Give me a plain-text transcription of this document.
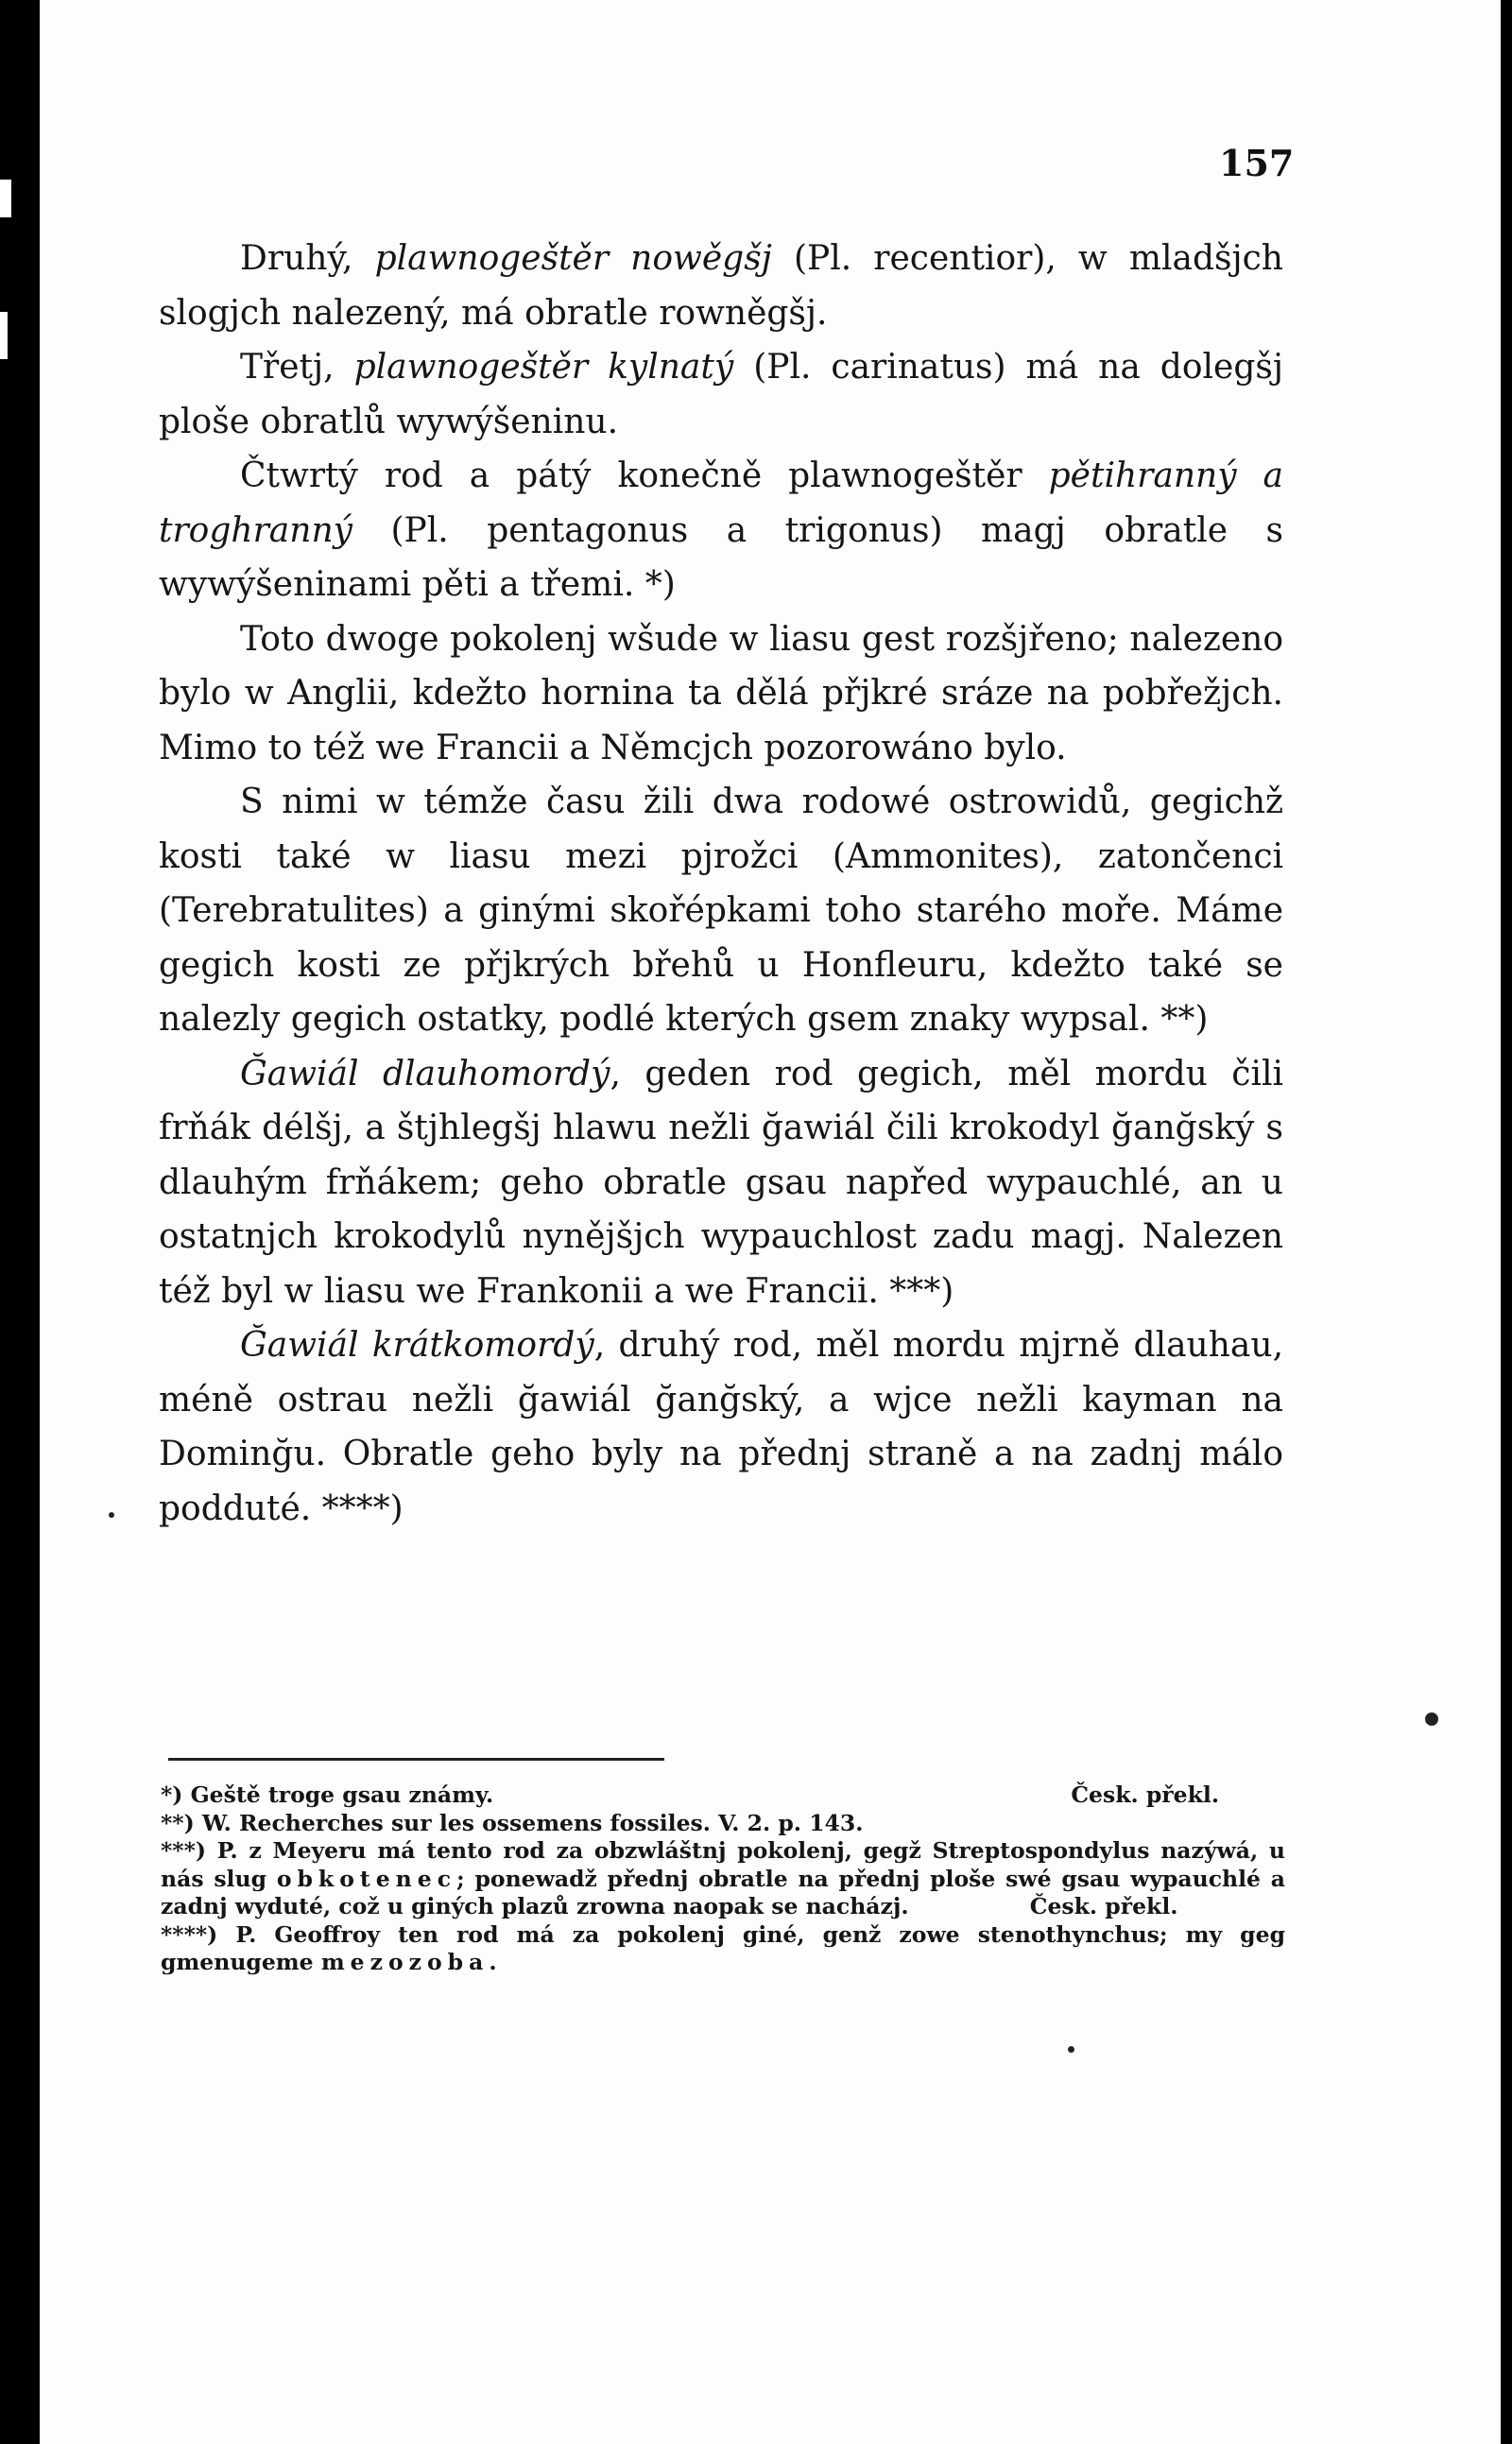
157

Druhý, plawnogeštěr nowěgšj (Pl. recentior), w mladšjch slogjch nalezený, má obratle rowněgšj.

Třetj, plawnogeštěr kylnatý (Pl. carinatus) má na dolegšj ploše obratlů wywýšeninu.

Čtwrtý rod a pátý konečně plawnogeštěr pětihranný a troghranný (Pl. pentagonus a trigonus) magj obratle s wywýšeninami pěti a třemi. *)

Toto dwoge pokolenj wšude w liasu gest rozšjřeno; nalezeno bylo w Anglii, kdežto hornina ta dělá přjkré sráze na pobřežjch. Mimo to též we Francii a Němcjch pozorowáno bylo.

S nimi w témže času žili dwa rodowé ostrowidů, gegichž kosti také w liasu mezi pjrožci (Ammonites), zatončenci (Terebratulites) a ginými skořépkami toho starého moře. Máme gegich kosti ze přjkrých břehů u Honfleuru, kdežto také se nalezly gegich ostatky, podlé kterých gsem znaky wypsal. **)

Ğawiál dlauhomordý, geden rod gegich, měl mordu čili frňák délšj, a štjhlegšj hlawu nežli ğawiál čili krokodyl ğanğský s dlauhým frňákem; geho obratle gsau napřed wypauchlé, an u ostatnjch krokodylů nynějšjch wypauchlost zadu magj. Nalezen též byl w liasu we Frankonii a we Francii. ***)

Ğawiál krátkomordý, druhý rod, měl mordu mjrně dlauhau, méně ostrau nežli ğawiál ğanğský, a wjce nežli kayman na Dominğu. Obratle geho byly na přednj straně a na zadnj málo podduté. ****)

*) Geště troge gsau známy.	Česk. překl.
**) W. Recherches sur les ossemens fossiles. V. 2. p. 143.
***) P. z Meyeru má tento rod za obzwláštnj pokolenj, gegž Streptospondylus nazýwá, u nás slug obkotenec; ponewadž přednj obratle na přednj ploše swé gsau wypauchlé a zadnj wyduté, což u giných plazů zrowna naopak se nacházj.	Česk. překl.
****) P. Geoffroy ten rod má za pokolenj giné, genž zowe stenothynchus; my geg gmenugeme mezozoba.
